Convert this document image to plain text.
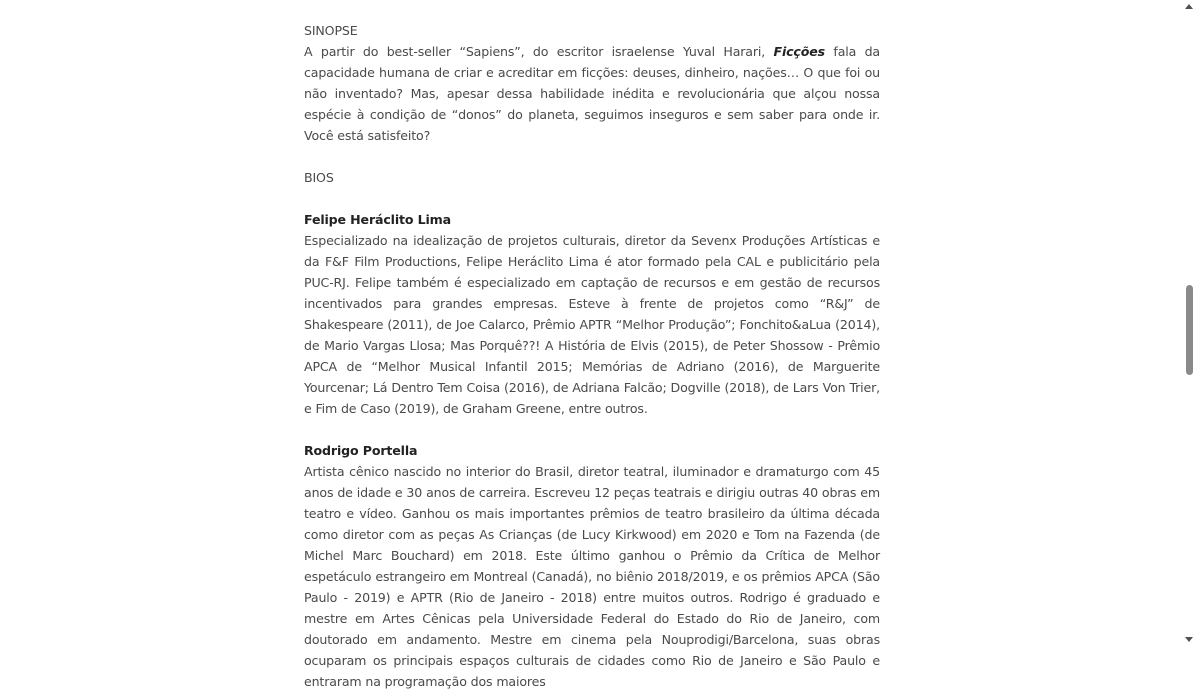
SINOPSE

A partir do best-seller “Sapiens”, do escritor israelense Yuval Harari, Ficções fala da capacidade humana de criar e acreditar em ficções: deuses, dinheiro, nações… O que foi ou não inventado? Mas, apesar dessa habilidade inédita e revolucionária que alçou nossa espécie à condição de “donos” do planeta, seguimos inseguros e sem saber para onde ir. Você está satisfeito?

BIOS
Felipe Heráclito Lima

Especializado na idealização de projetos culturais, diretor da Sevenx Produções Artísticas e da F&F Film Productions, Felipe Heráclito Lima é ator formado pela CAL e publicitário pela PUC-RJ. Felipe também é especializado em captação de recursos e em gestão de recursos incentivados para grandes empresas. Esteve à frente de projetos como “R&J” de Shakespeare (2011), de Joe Calarco, Prêmio APTR “Melhor Produção”; Fonchito&aLua (2014), de Mario Vargas Llosa; Mas Porquê??! A História de Elvis (2015), de Peter Shossow - Prêmio APCA de “Melhor Musical Infantil 2015; Memórias de Adriano (2016), de Marguerite Yourcenar; Lá Dentro Tem Coisa (2016), de Adriana Falcão; Dogville (2018), de Lars Von Trier, e Fim de Caso (2019), de Graham Greene, entre outros.

Rodrigo Portella

Artista cênico nascido no interior do Brasil, diretor teatral, iluminador e dramaturgo com 45 anos de idade e 30 anos de carreira. Escreveu 12 peças teatrais e dirigiu outras 40 obras em teatro e vídeo. Ganhou os mais importantes prêmios de teatro brasileiro da última década como diretor com as peças As Crianças (de Lucy Kirkwood) em 2020 e Tom na Fazenda (de Michel Marc Bouchard) em 2018. Este último ganhou o Prêmio da Crítica de Melhor espetáculo estrangeiro em Montreal (Canadá), no biênio 2018/2019, e os prêmios APCA (São Paulo - 2019) e APTR (Rio de Janeiro - 2018) entre muitos outros. Rodrigo é graduado e mestre em Artes Cênicas pela Universidade Federal do Estado do Rio de Janeiro, com doutorado em andamento. Mestre em cinema pela Nouprodigi/Barcelona, suas obras ocuparam os principais espaços culturais de cidades como Rio de Janeiro e São Paulo e entraram na programação dos maiores
